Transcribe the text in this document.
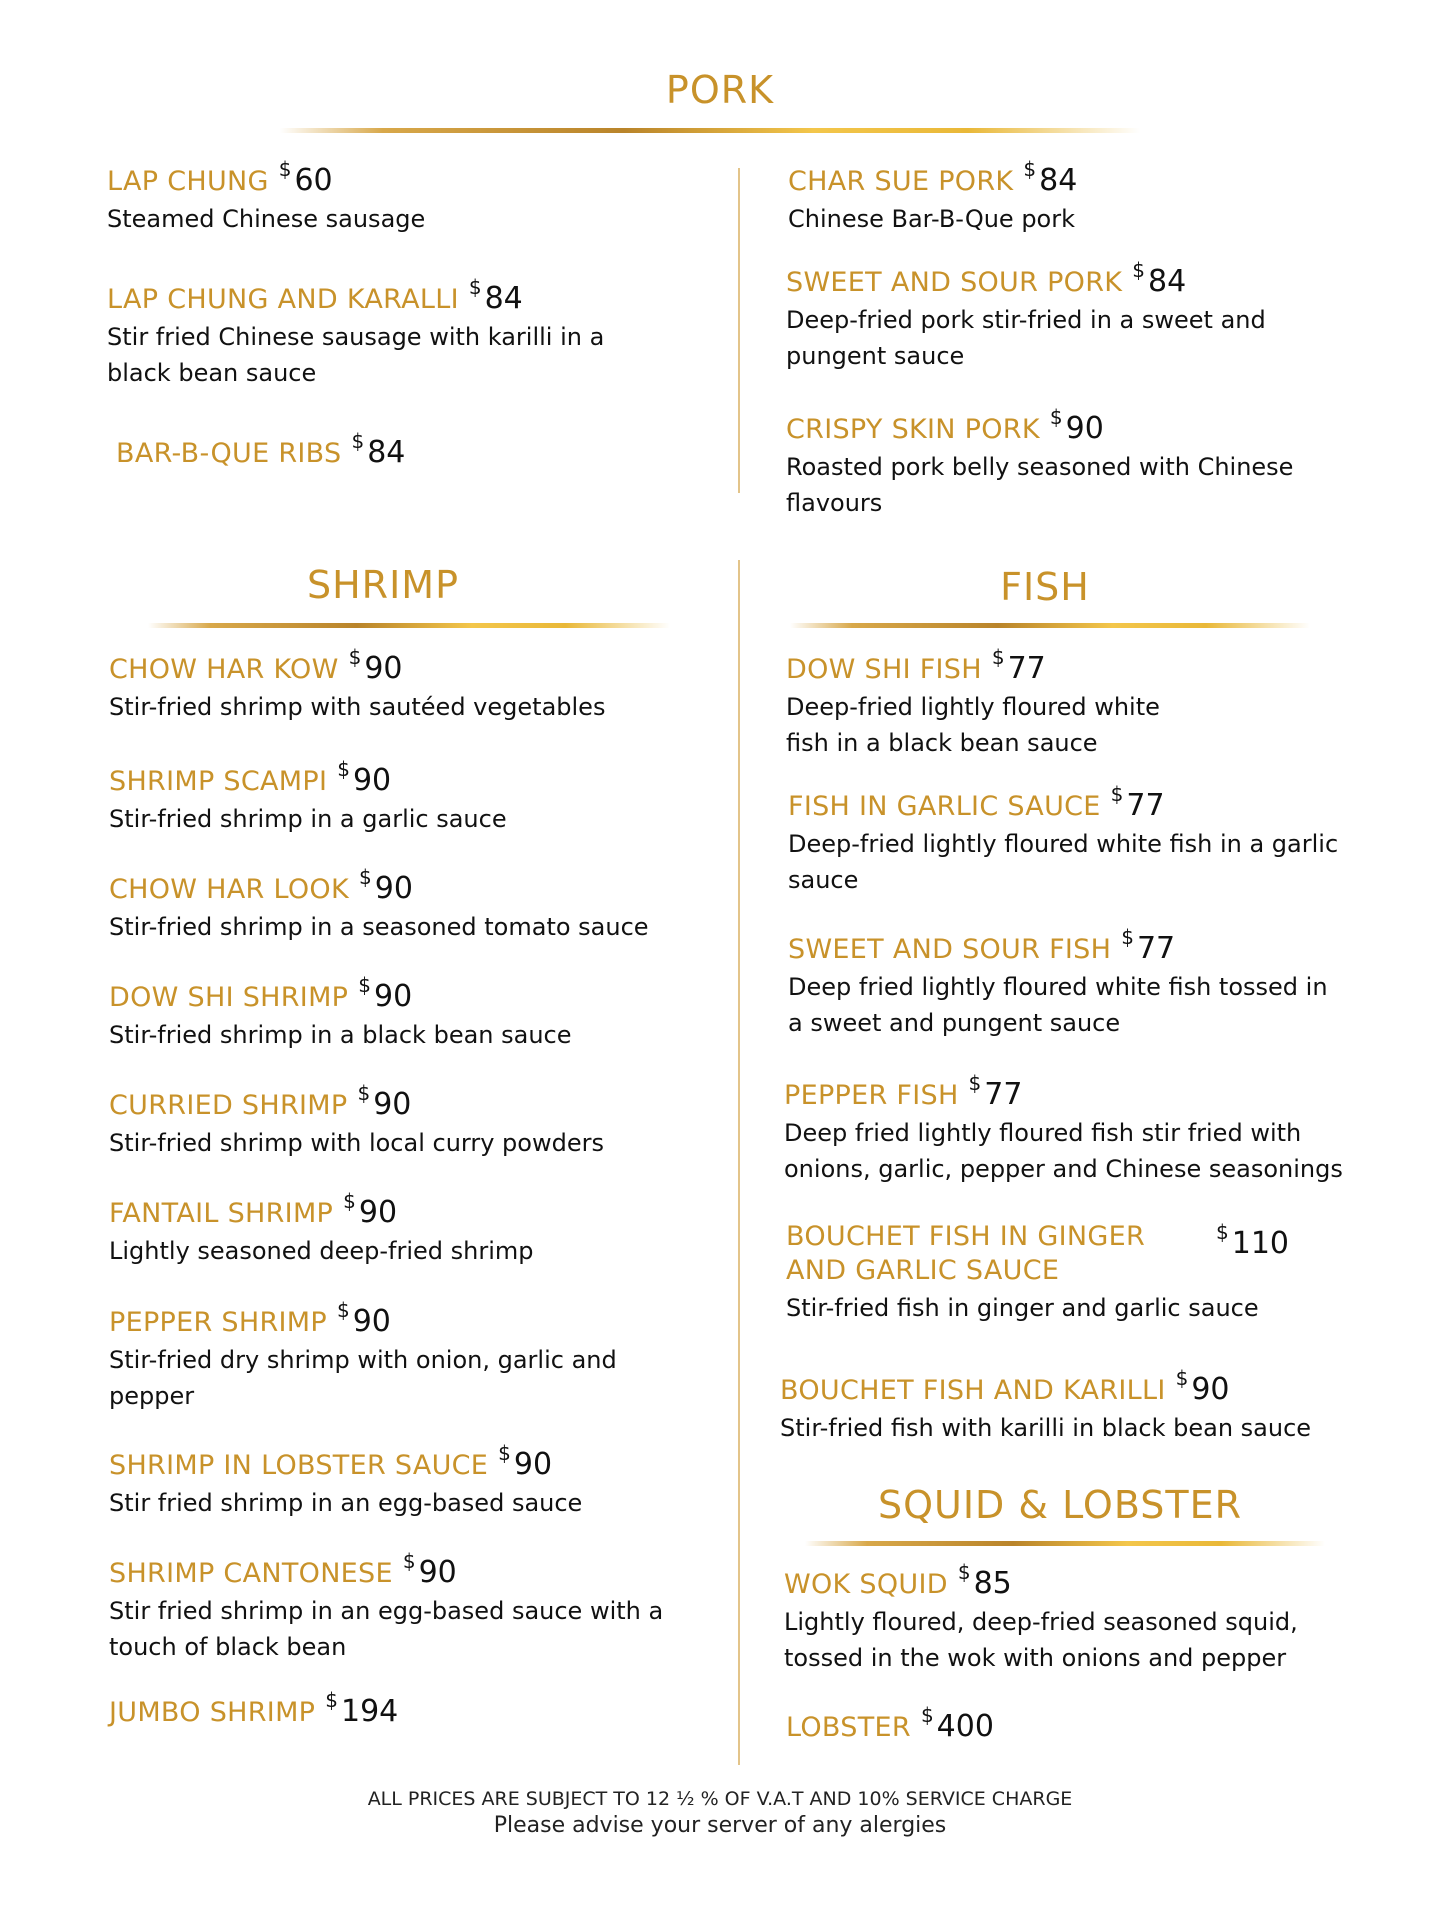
PORK
LAP CHUNG $ 60
Steamed Chinese sausage
LAP CHUNG AND KARALLI $ 84
Stir fried Chinese sausage with karilli in a black bean sauce
BAR-B-QUE RIBS $ 84
CHAR SUE PORK $ 84
Chinese Bar-B-Que pork
SWEET AND SOUR PORK $ 84
Deep-fried pork stir-fried in a sweet and pungent sauce
CRISPY SKIN PORK $ 90
Roasted pork belly seasoned with Chinese flavours
SHRIMP
CHOW HAR KOW $ 90
Stir-fried shrimp with sautéed vegetables
SHRIMP SCAMPI $ 90
Stir-fried shrimp in a garlic sauce
CHOW HAR LOOK $ 90
Stir-fried shrimp in a seasoned tomato sauce
DOW SHI SHRIMP $ 90
Stir-fried shrimp in a black bean sauce
CURRIED SHRIMP $ 90
Stir-fried shrimp with local curry powders
FANTAIL SHRIMP $ 90
Lightly seasoned deep-fried shrimp
PEPPER SHRIMP $ 90
Stir-fried dry shrimp with onion, garlic and pepper
SHRIMP IN LOBSTER SAUCE $ 90
Stir fried shrimp in an egg-based sauce
SHRIMP CANTONESE $ 90
Stir fried shrimp in an egg-based sauce with a touch of black bean
JUMBO SHRIMP $ 194
FISH
DOW SHI FISH $ 77
Deep-fried lightly floured white fish in a black bean sauce
FISH IN GARLIC SAUCE $ 77
Deep-fried lightly floured white fish in a garlic sauce
SWEET AND SOUR FISH $ 77
Deep fried lightly floured white fish tossed in a sweet and pungent sauce
PEPPER FISH $ 77
Deep fried lightly floured fish stir fried with onions, garlic, pepper and Chinese seasonings
BOUCHET FISH IN GINGER AND GARLIC SAUCE$ 110
Stir-fried fish in ginger and garlic sauce
BOUCHET FISH AND KARILLI $ 90
Stir-fried fish with karilli in black bean sauce
SQUID & LOBSTER
WOK SQUID $ 85
Lightly floured, deep-fried seasoned squid, tossed in the wok with onions and pepper
LOBSTER $ 400
ALL PRICES ARE SUBJECT TO 12 ½ % OF V.A.T AND 10% SERVICE CHARGE
Please advise your server of any alergies
